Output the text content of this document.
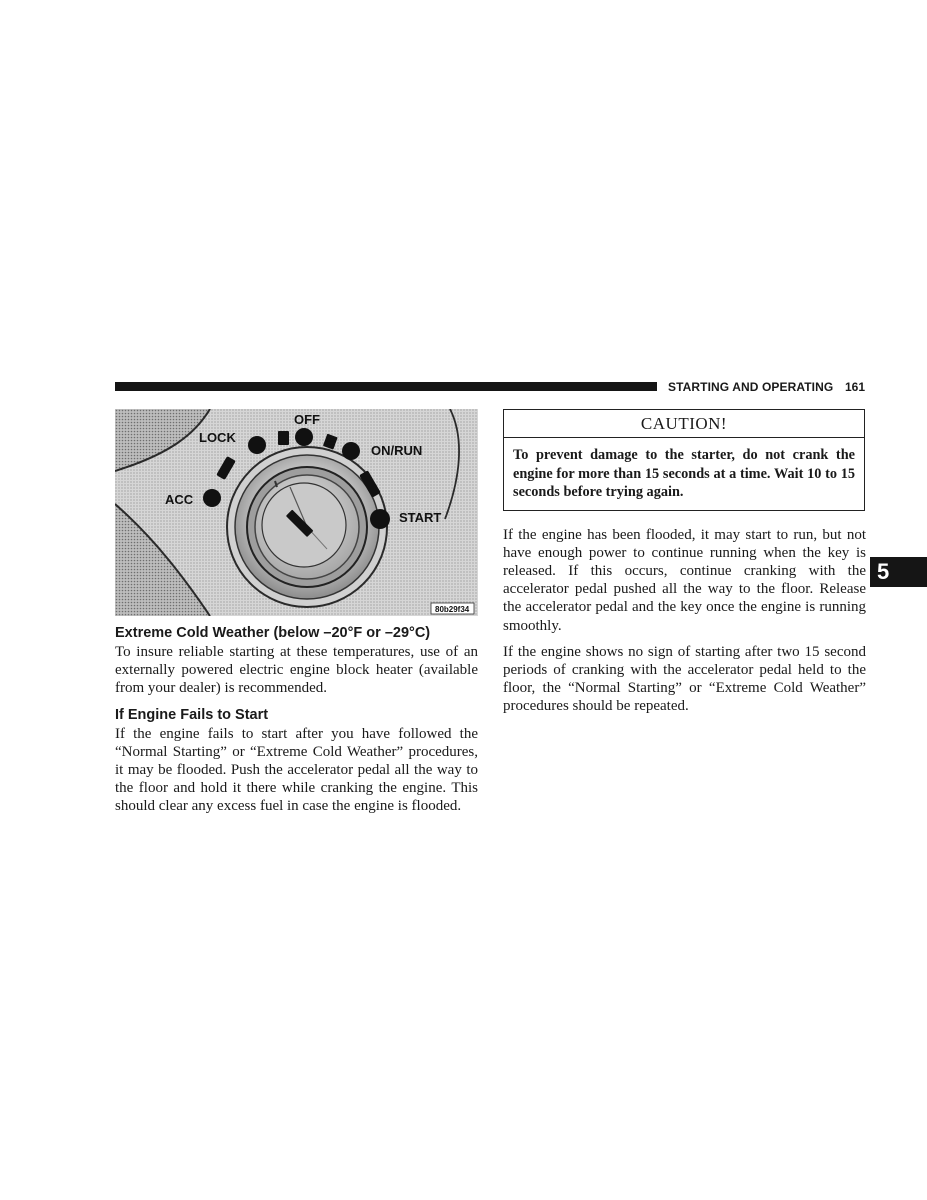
STARTING AND OPERATING 161
OFF
LOCK
ON/RUN
ACC
START
80b29f34

Extreme Cold Weather (below –20°F or –29°C)

To insure reliable starting at these temperatures, use of an externally powered electric engine block heater (available from your dealer) is recommended.

If Engine Fails to Start

If the engine fails to start after you have followed the “Normal Starting” or “Extreme Cold Weather” procedures, it may be flooded. Push the accelerator pedal all the way to the floor and hold it there while cranking the engine. This should clear any excess fuel in case the engine is flooded.

CAUTION!
To prevent damage to the starter, do not crank the engine for more than 15 seconds at a time. Wait 10 to 15 seconds before trying again.

If the engine has been flooded, it may start to run, but not have enough power to continue running when the key is released. If this occurs, continue cranking with the accelerator pedal pushed all the way to the floor. Release the accelerator pedal and the key once the engine is running smoothly.

If the engine shows no sign of starting after two 15 second periods of cranking with the accelerator pedal held to the floor, the “Normal Starting” or “Extreme Cold Weather” procedures should be repeated.

5
